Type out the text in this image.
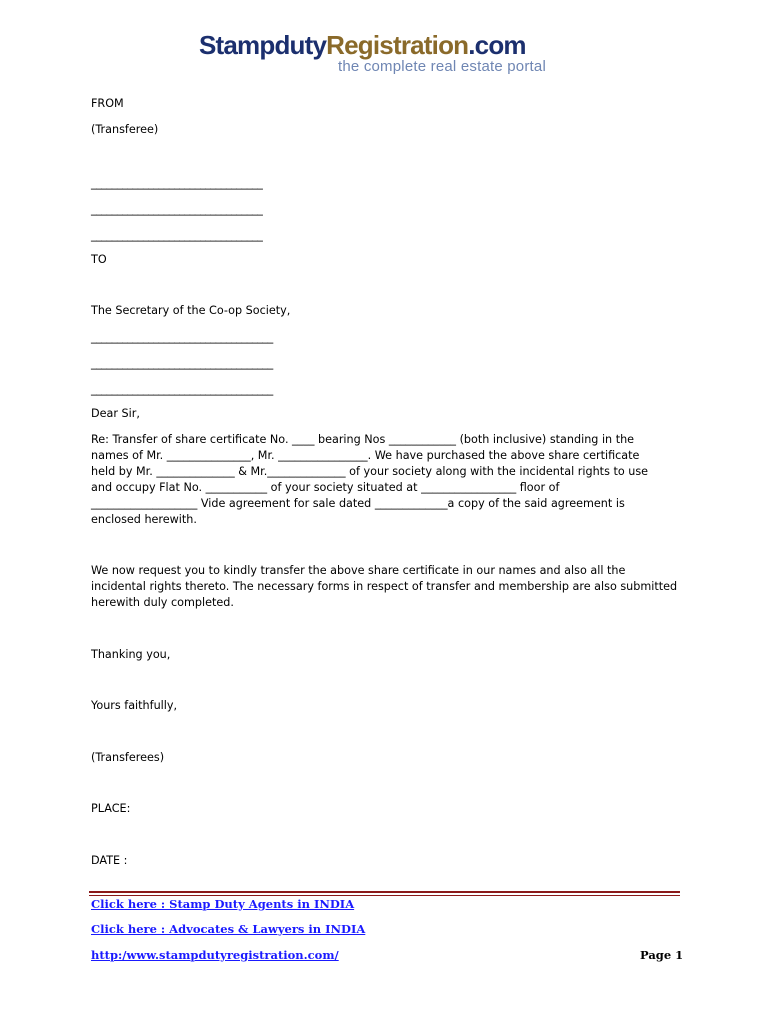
StampdutyRegistration.com
the complete real estate portal
FROM
(Transferee)
_________________________________
_________________________________
_________________________________
TO
The Secretary of the Co-op Society,
___________________________________
___________________________________
___________________________________
Dear Sir,
Re: Transfer of share certificate No. ____ bearing Nos ____________ (both inclusive) standing in the
names of Mr. _______________, Mr. ________________. We have purchased the above share certificate
held by Mr. ______________ & Mr.______________ of your society along with the incidental rights to use
and occupy Flat No. ___________ of your society situated at _________________ floor of
___________________ Vide agreement for sale dated _____________a copy of the said agreement is
enclosed herewith.
We now request you to kindly transfer the above share certificate in our names and also all the
incidental rights thereto. The necessary forms in respect of transfer and membership are also submitted
herewith duly completed.
Thanking you,
Yours faithfully,
(Transferees)
PLACE:
DATE :
Click here : Stamp Duty Agents in INDIA
Click here : Advocates & Lawyers in INDIA
http:/www.stampdutyregistration.com/	Page 1
